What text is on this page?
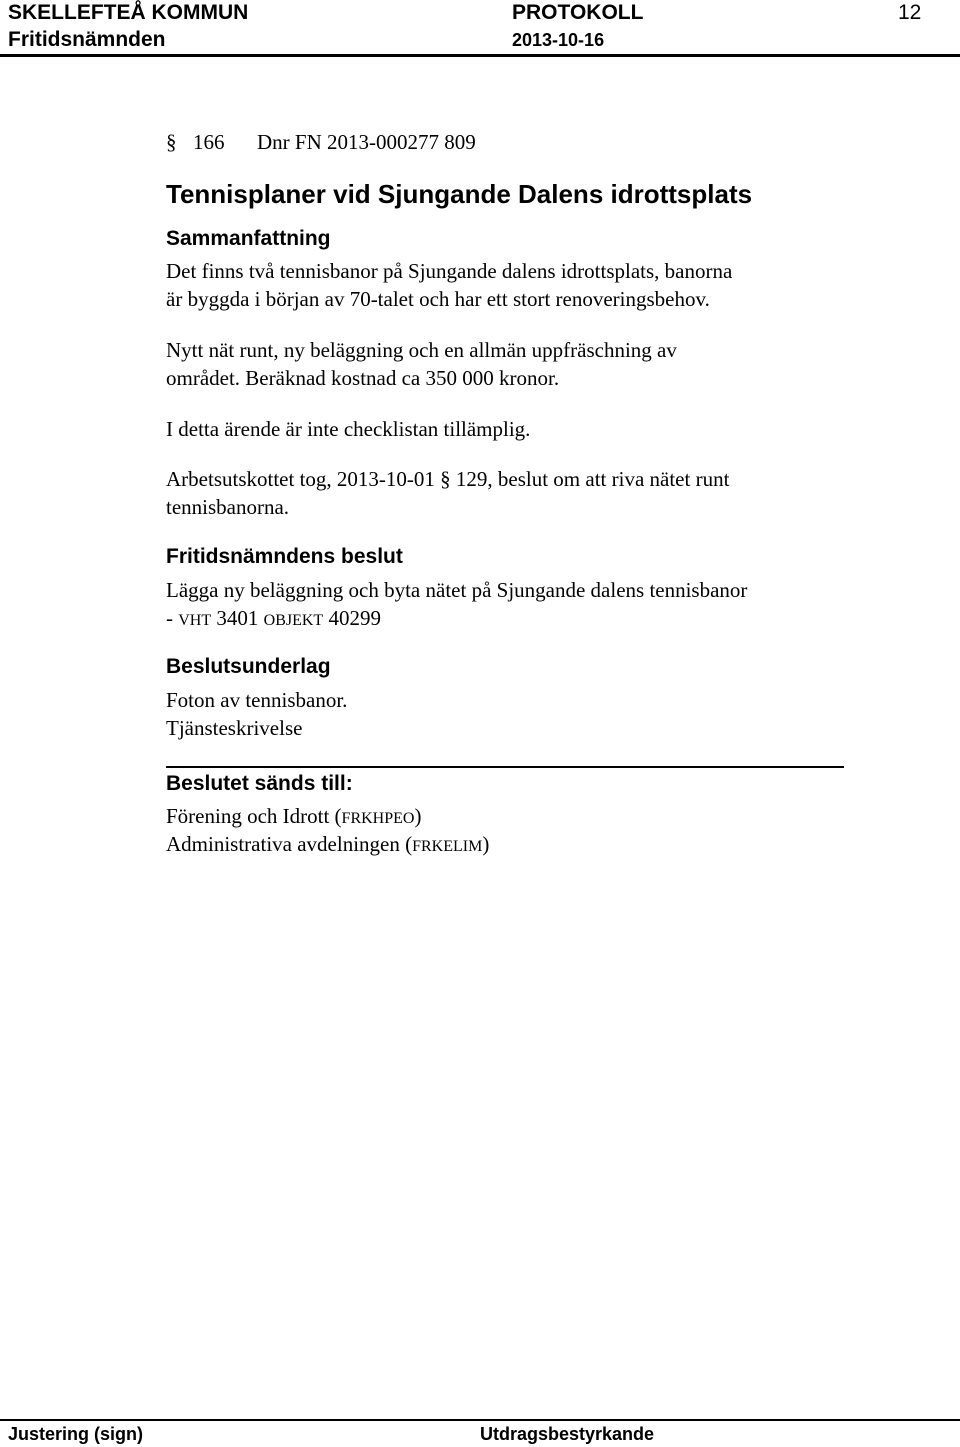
SKELLEFTEÅ KOMMUN	PROTOKOLL	12
Fritidsnämnden	2013-10-16
§ 166 Dnr FN 2013-000277 809
Tennisplaner vid Sjungande Dalens idrottsplats
Sammanfattning
Det finns två tennisbanor på Sjungande dalens idrottsplats, banorna
är byggda i början av 70-talet och har ett stort renoveringsbehov.
Nytt nät runt, ny beläggning och en allmän uppfräschning av
området. Beräknad kostnad ca 350 000 kronor.
I detta ärende är inte checklistan tillämplig.
Arbetsutskottet tog, 2013-10-01 § 129, beslut om att riva nätet runt
tennisbanorna.
Fritidsnämndens beslut
Lägga ny beläggning och byta nätet på Sjungande dalens tennisbanor
- VHT 3401 OBJEKT 40299
Beslutsunderlag
Foton av tennisbanor.
Tjänsteskrivelse
Beslutet sänds till:
Förening och Idrott (FRKHPEO)
Administrativa avdelningen (FRKELIM)
Justering (sign)	Utdragsbestyrkande
